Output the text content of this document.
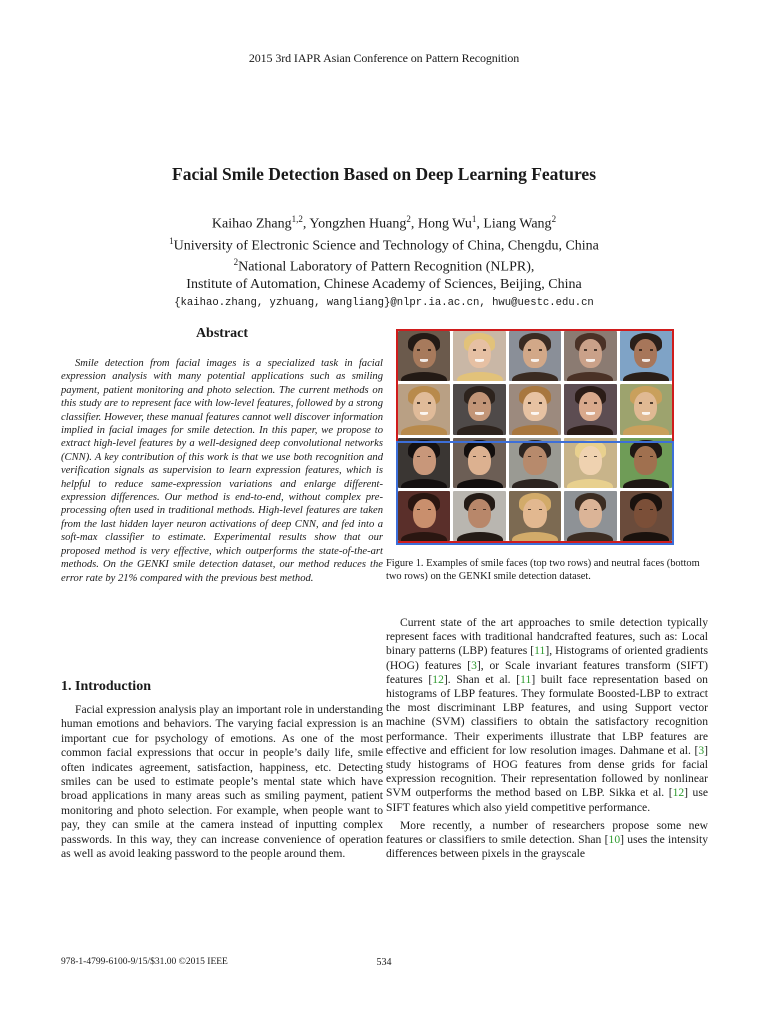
2015 3rd IAPR Asian Conference on Pattern Recognition
Facial Smile Detection Based on Deep Learning Features
Kaihao Zhang$^{1,2}$, Yongzhen Huang$^2$, Hong Wu$^1$, Liang Wang$^2$
$^1$University of Electronic Science and Technology of China, Chengdu, China
$^2$National Laboratory of Pattern Recognition (NLPR),
Institute of Automation, Chinese Academy of Sciences, Beijing, China
{kaihao.zhang, yzhuang, wangliang}@nlpr.ia.ac.cn, hwu@uestc.edu.cn
Abstract

Smile detection from facial images is a specialized task in facial expression analysis with many potential applications such as smiling payment, patient monitoring and photo selection. The current methods on this study are to represent face with low-level features, followed by a strong classifier. However, these manual features cannot well discover information implied in facial images for smile detection. In this paper, we propose to extract high-level features by a well-designed deep convolutional networks (CNN). A key contribution of this work is that we use both recognition and verification signals as supervision to learn expression features, which is helpful to reduce same-expression variations and enlarge different-expression differences. Our method is end-to-end, without complex pre-processing often used in traditional methods. High-level features are taken from the last hidden layer neuron activations of deep CNN, and fed into a soft-max classifier to estimate. Experimental results show that our proposed method is very effective, which outperforms the state-of-the-art methods. On the GENKI smile detection dataset, our method reduces the error rate by 21% compared with the previous best method.

1. Introduction

Facial expression analysis play an important role in understanding human emotions and behaviors. The varying facial expression is an important cue for psychology of emotions. As one of the most common facial expressions that occur in people’s daily life, smile often indicates agreement, satisfaction, happiness, etc. Detecting smiles can be used to estimate people’s mental state which have broad applications in many areas such as smiling payment, patient monitoring and photo selection. For example, when people want to pay, they can smile at the camera instead of inputting complex passwords. In this way, they can increase convenience of operation as well as avoid leaking password to the people around them.

Figure 1. Examples of smile faces (top two rows) and neutral faces (bottom two rows) on the GENKI smile detection dataset.

Current state of the art approaches to smile detection typically represent faces with traditional handcrafted features, such as: Local binary patterns (LBP) features [11], Histograms of oriented gradients (HOG) features [3], or Scale invariant features transform (SIFT) features [12]. Shan et al. [11] built face representation based on histograms of LBP features. They formulate Boosted-LBP to extract the most discriminant LBP features, and using Support vector machine (SVM) classifiers to obtain the satisfactory recognition performance. Their experiments illustrate that LBP features are effective and efficient for low resolution images. Dahmane et al. [3] study histograms of HOG features from dense grids for facial expression recognition. Their representation followed by nonlinear SVM outperforms the method based on LBP. Sikka et al. [12] use SIFT features which also yield competitive performance.

More recently, a number of researchers propose some new features or classifiers to smile detection. Shan [10] uses the intensity differences between pixels in the grayscale

978-1-4799-6100-9/15/$31.00 ©2015 IEEE	534
